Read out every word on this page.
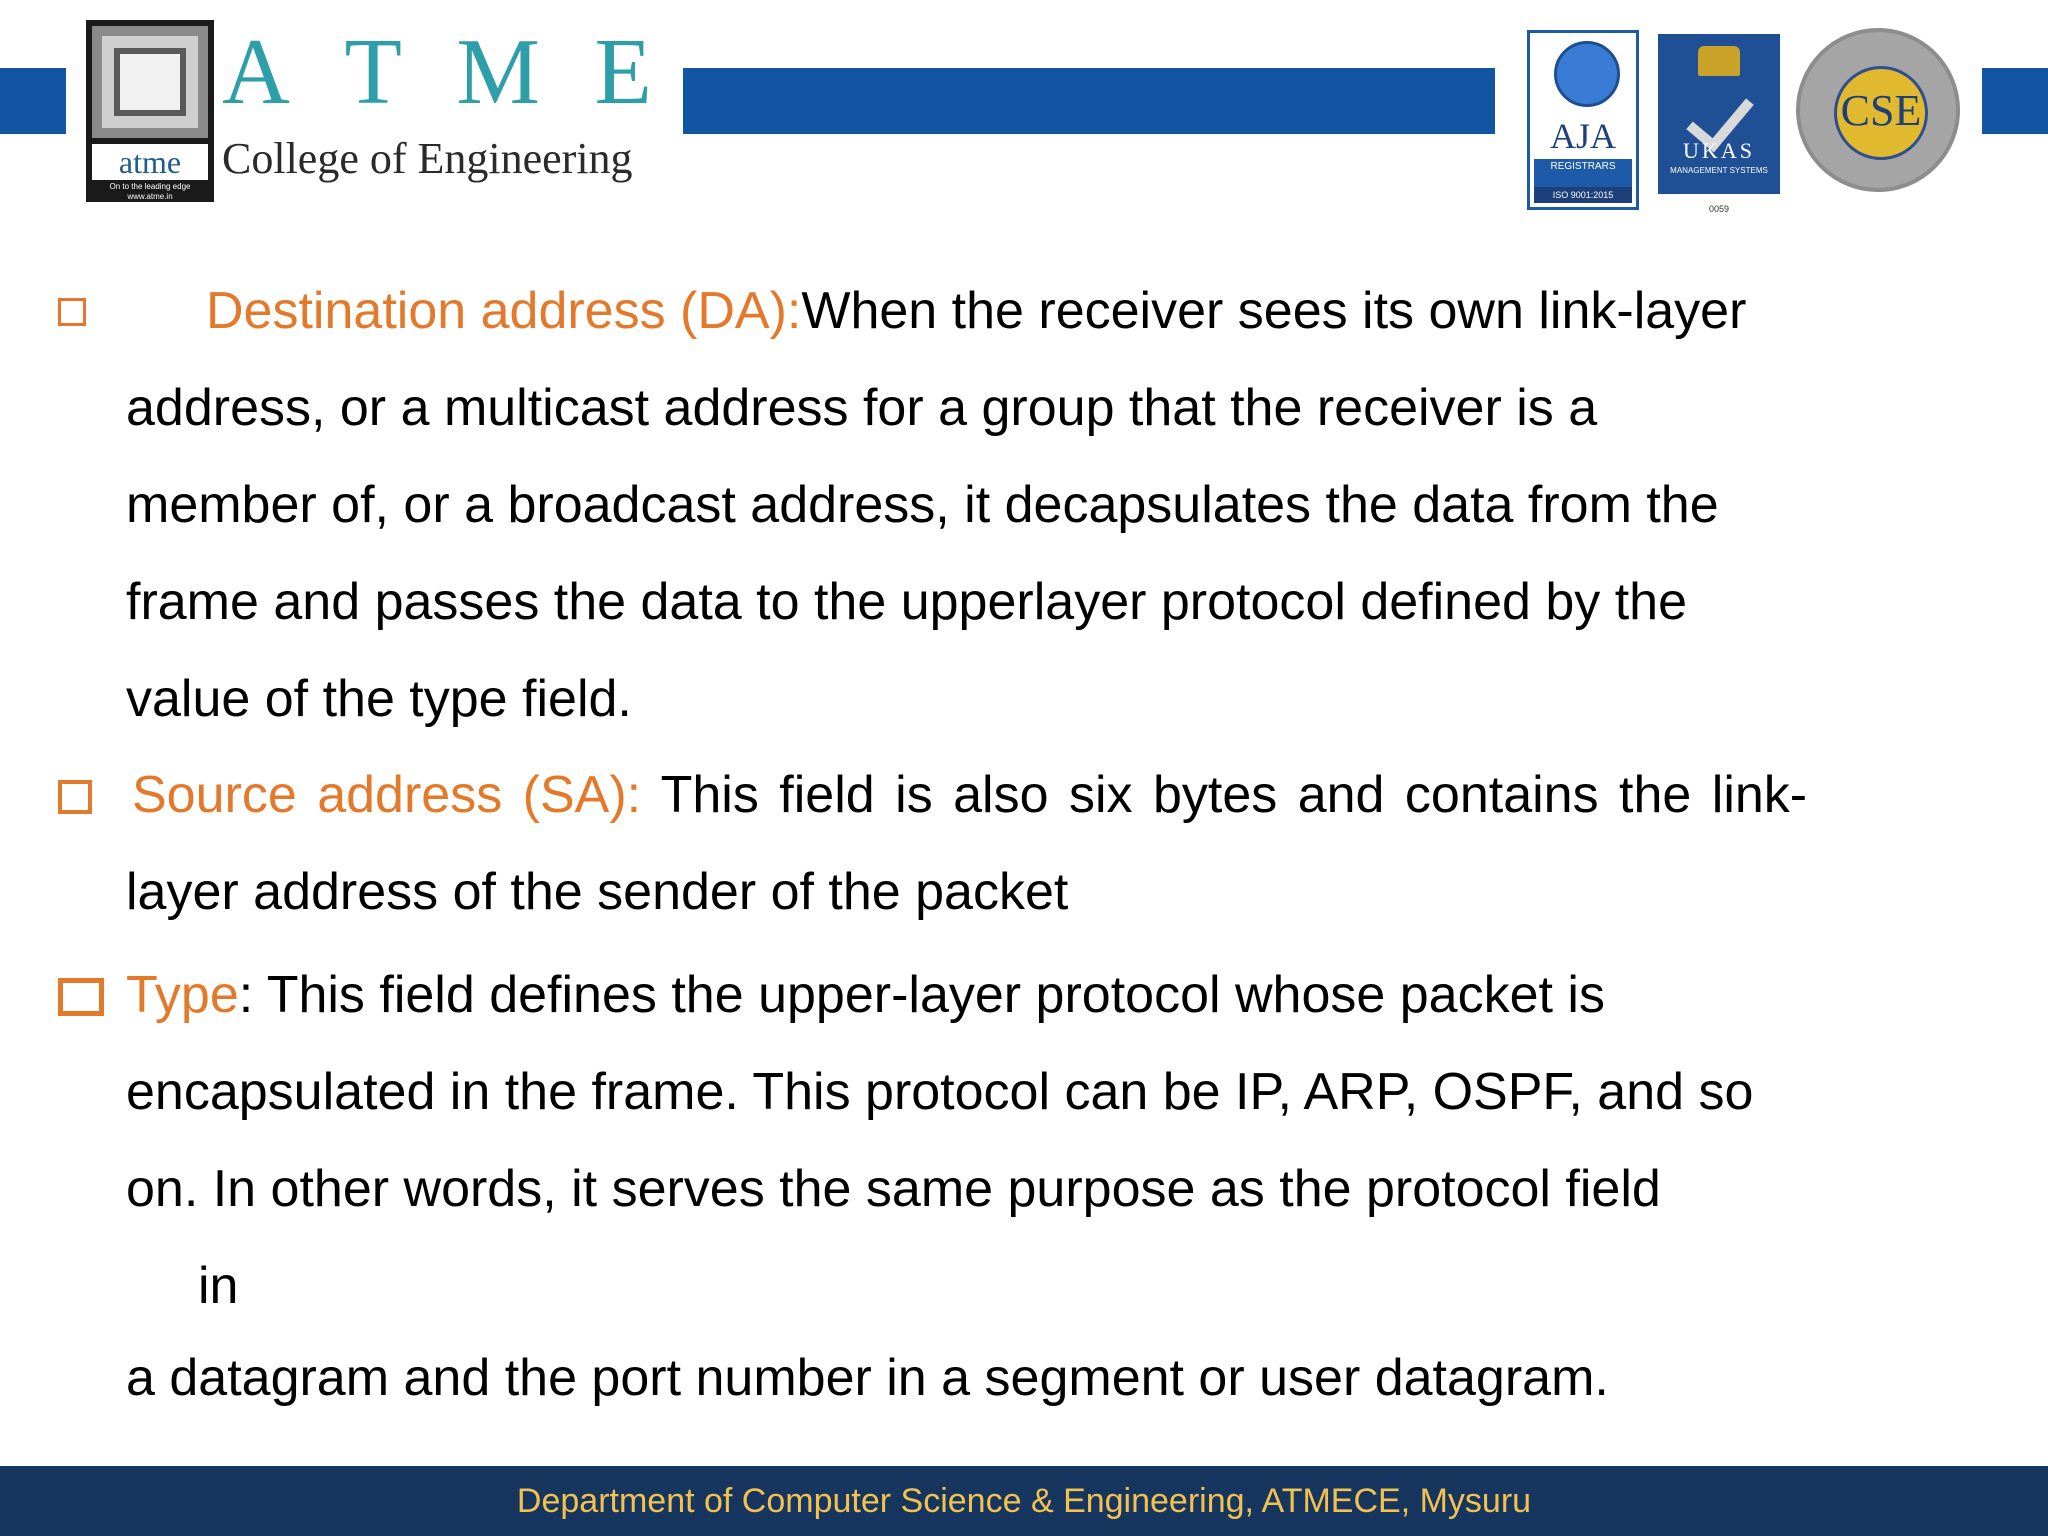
atme
On to the leading edge
www.atme.in
A T M E
College of Engineering	AJA
REGISTRARS
ISO 9001:2015
UKAS
MANAGEMENT SYSTEMS
0059
CSE
Destination address (DA):When the receiver sees its own link-layer
address, or a multicast address for a group that the receiver is a
member of, or a broadcast address, it decapsulates the data from the
frame and passes the data to the upperlayer protocol defined by the
value of the type field.
Source address (SA): This field is also six bytes and contains the link-
layer address of the sender of the packet
Type: This field defines the upper-layer protocol whose packet is
encapsulated in the frame. This protocol can be IP, ARP, OSPF, and so
on. In other words, it serves the same purpose as the protocol field
in
a datagram and the port number in a segment or user datagram.
Department of Computer Science & Engineering, ATMECE, Mysuru
